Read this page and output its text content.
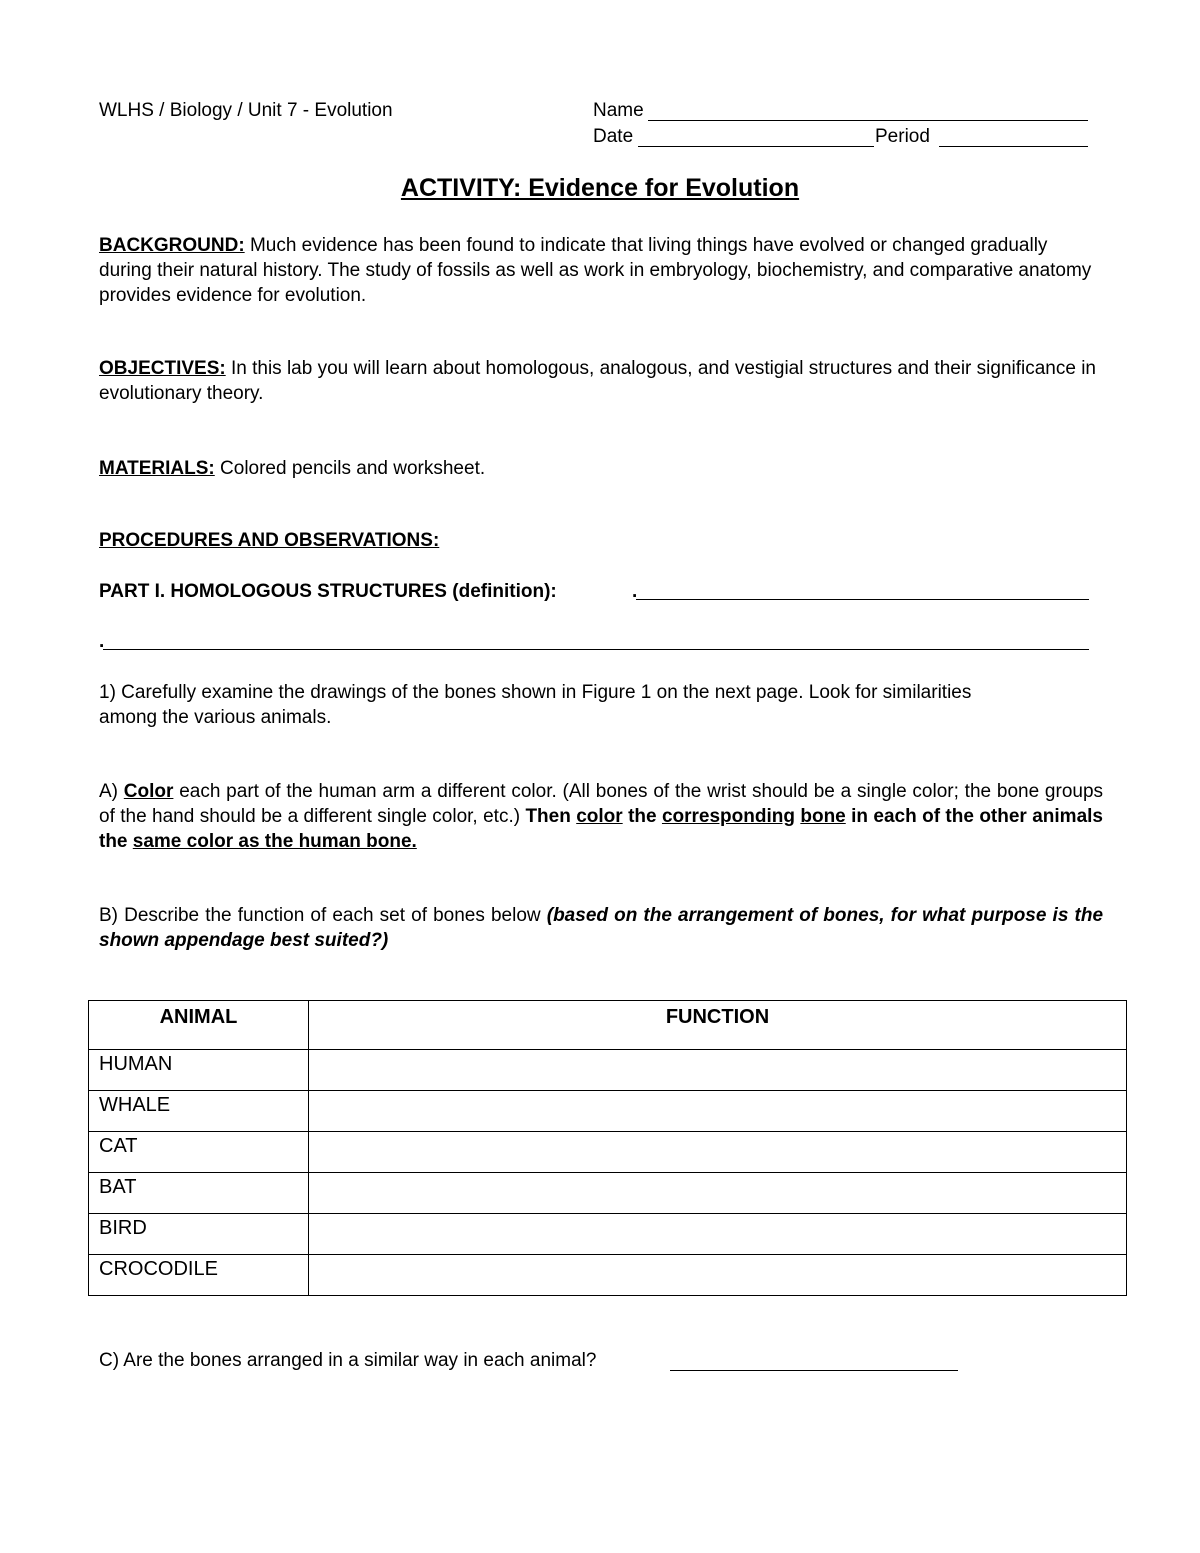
WLHS / Biology / Unit 7 - Evolution	Name
Date	Period
ACTIVITY: Evidence for Evolution
BACKGROUND: Much evidence has been found to indicate that living things have evolved or changed gradually during their natural history. The study of fossils as well as work in embryology, biochemistry, and comparative anatomy provides evidence for evolution.
OBJECTIVES: In this lab you will learn about homologous, analogous, and vestigial structures and their significance in evolutionary theory.
MATERIALS: Colored pencils and worksheet.
PROCEDURES AND OBSERVATIONS:
PART I. HOMOLOGOUS STRUCTURES (definition):	.
.
1) Carefully examine the drawings of the bones shown in Figure 1 on the next page. Look for similarities among the various animals.
A) Color each part of the human arm a different color. (All bones of the wrist should be a single color; the bone groups of the hand should be a different single color, etc.) Then color the corresponding bone in each of the other animals the same color as the human bone.
B) Describe the function of each set of bones below (based on the arrangement of bones, for what purpose is the shown appendage best suited?)
ANIMAL	FUNCTION
HUMAN	
WHALE	
CAT	
BAT	
BIRD	
CROCODILE	
C) Are the bones arranged in a similar way in each animal?
